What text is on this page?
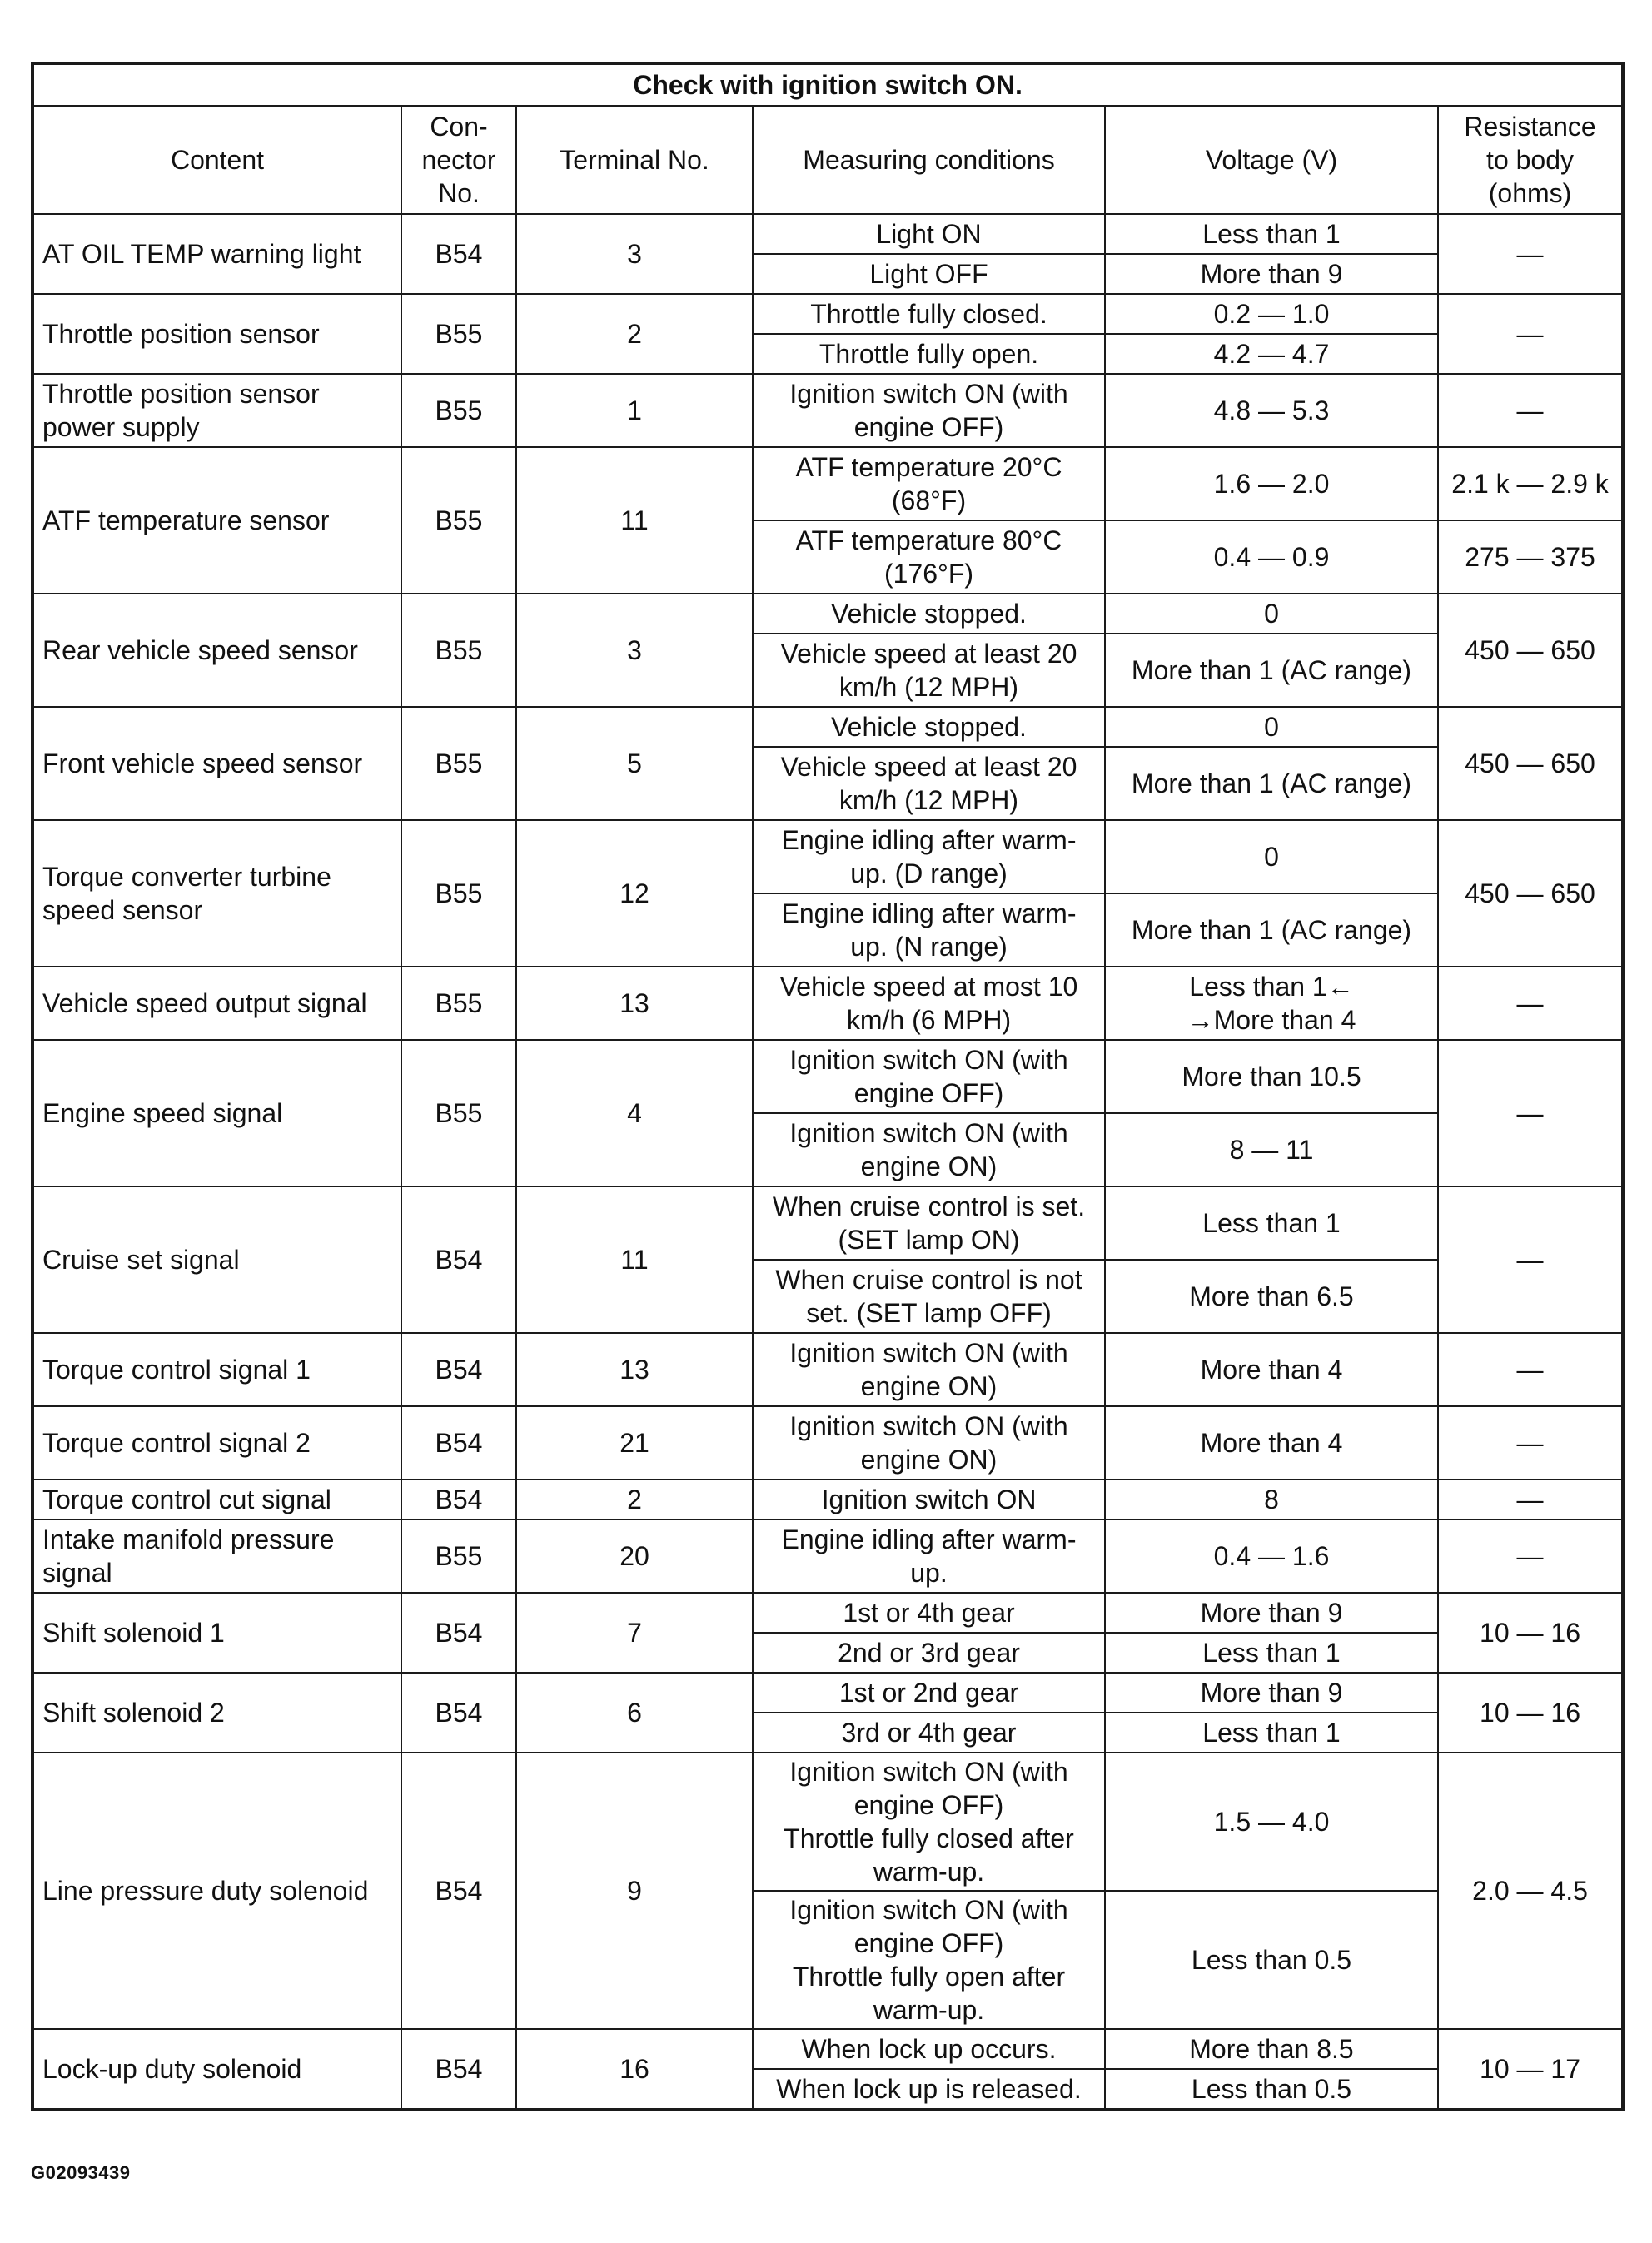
Check with ignition switch ON.					
Content	Con-
nector
No.	Terminal No.	Measuring conditions	Voltage (V)	Resistance
to body
(ohms)
AT OIL TEMP warning light	B54	3	Light ON	Less than 1	—
			Light OFF	More than 9	
Throttle position sensor	B55	2	Throttle fully closed.	0.2 — 1.0	—
			Throttle fully open.	4.2 — 4.7	
Throttle position sensor
power supply	B55	1	Ignition switch ON (with
engine OFF)	4.8 — 5.3	—
ATF temperature sensor	B55	11	ATF temperature 20°C
(68°F)	1.6 — 2.0	2.1 k — 2.9 k
			ATF temperature 80°C
(176°F)	0.4 — 0.9	275 — 375
Rear vehicle speed sensor	B55	3	Vehicle stopped.	0	450 — 650
			Vehicle speed at least 20
km/h (12 MPH)	More than 1 (AC range)	
Front vehicle speed sensor	B55	5	Vehicle stopped.	0	450 — 650
			Vehicle speed at least 20
km/h (12 MPH)	More than 1 (AC range)	
Torque converter turbine
speed sensor	B55	12	Engine idling after warm-
up. (D range)	0	450 — 650
			Engine idling after warm-
up. (N range)	More than 1 (AC range)	
Vehicle speed output signal	B55	13	Vehicle speed at most 10
km/h (6 MPH)	Less than 1←
→More than 4	—
Engine speed signal	B55	4	Ignition switch ON (with
engine OFF)	More than 10.5	—
			Ignition switch ON (with
engine ON)	8 — 11	
Cruise set signal	B54	11	When cruise control is set.
(SET lamp ON)	Less than 1	—
			When cruise control is not
set. (SET lamp OFF)	More than 6.5	
Torque control signal 1	B54	13	Ignition switch ON (with
engine ON)	More than 4	—
Torque control signal 2	B54	21	Ignition switch ON (with
engine ON)	More than 4	—
Torque control cut signal	B54	2	Ignition switch ON	8	—
Intake manifold pressure
signal	B55	20	Engine idling after warm-
up.	0.4 — 1.6	—
Shift solenoid 1	B54	7	1st or 4th gear	More than 9	10 — 16
			2nd or 3rd gear	Less than 1	
Shift solenoid 2	B54	6	1st or 2nd gear	More than 9	10 — 16
			3rd or 4th gear	Less than 1	
Line pressure duty solenoid	B54	9	Ignition switch ON (with
engine OFF)
Throttle fully closed after
warm-up.	1.5 — 4.0	2.0 — 4.5
			Ignition switch ON (with
engine OFF)
Throttle fully open after
warm-up.	Less than 0.5	
Lock-up duty solenoid	B54	16	When lock up occurs.	More than 8.5	10 — 17
			When lock up is released.	Less than 0.5	
G02093439
